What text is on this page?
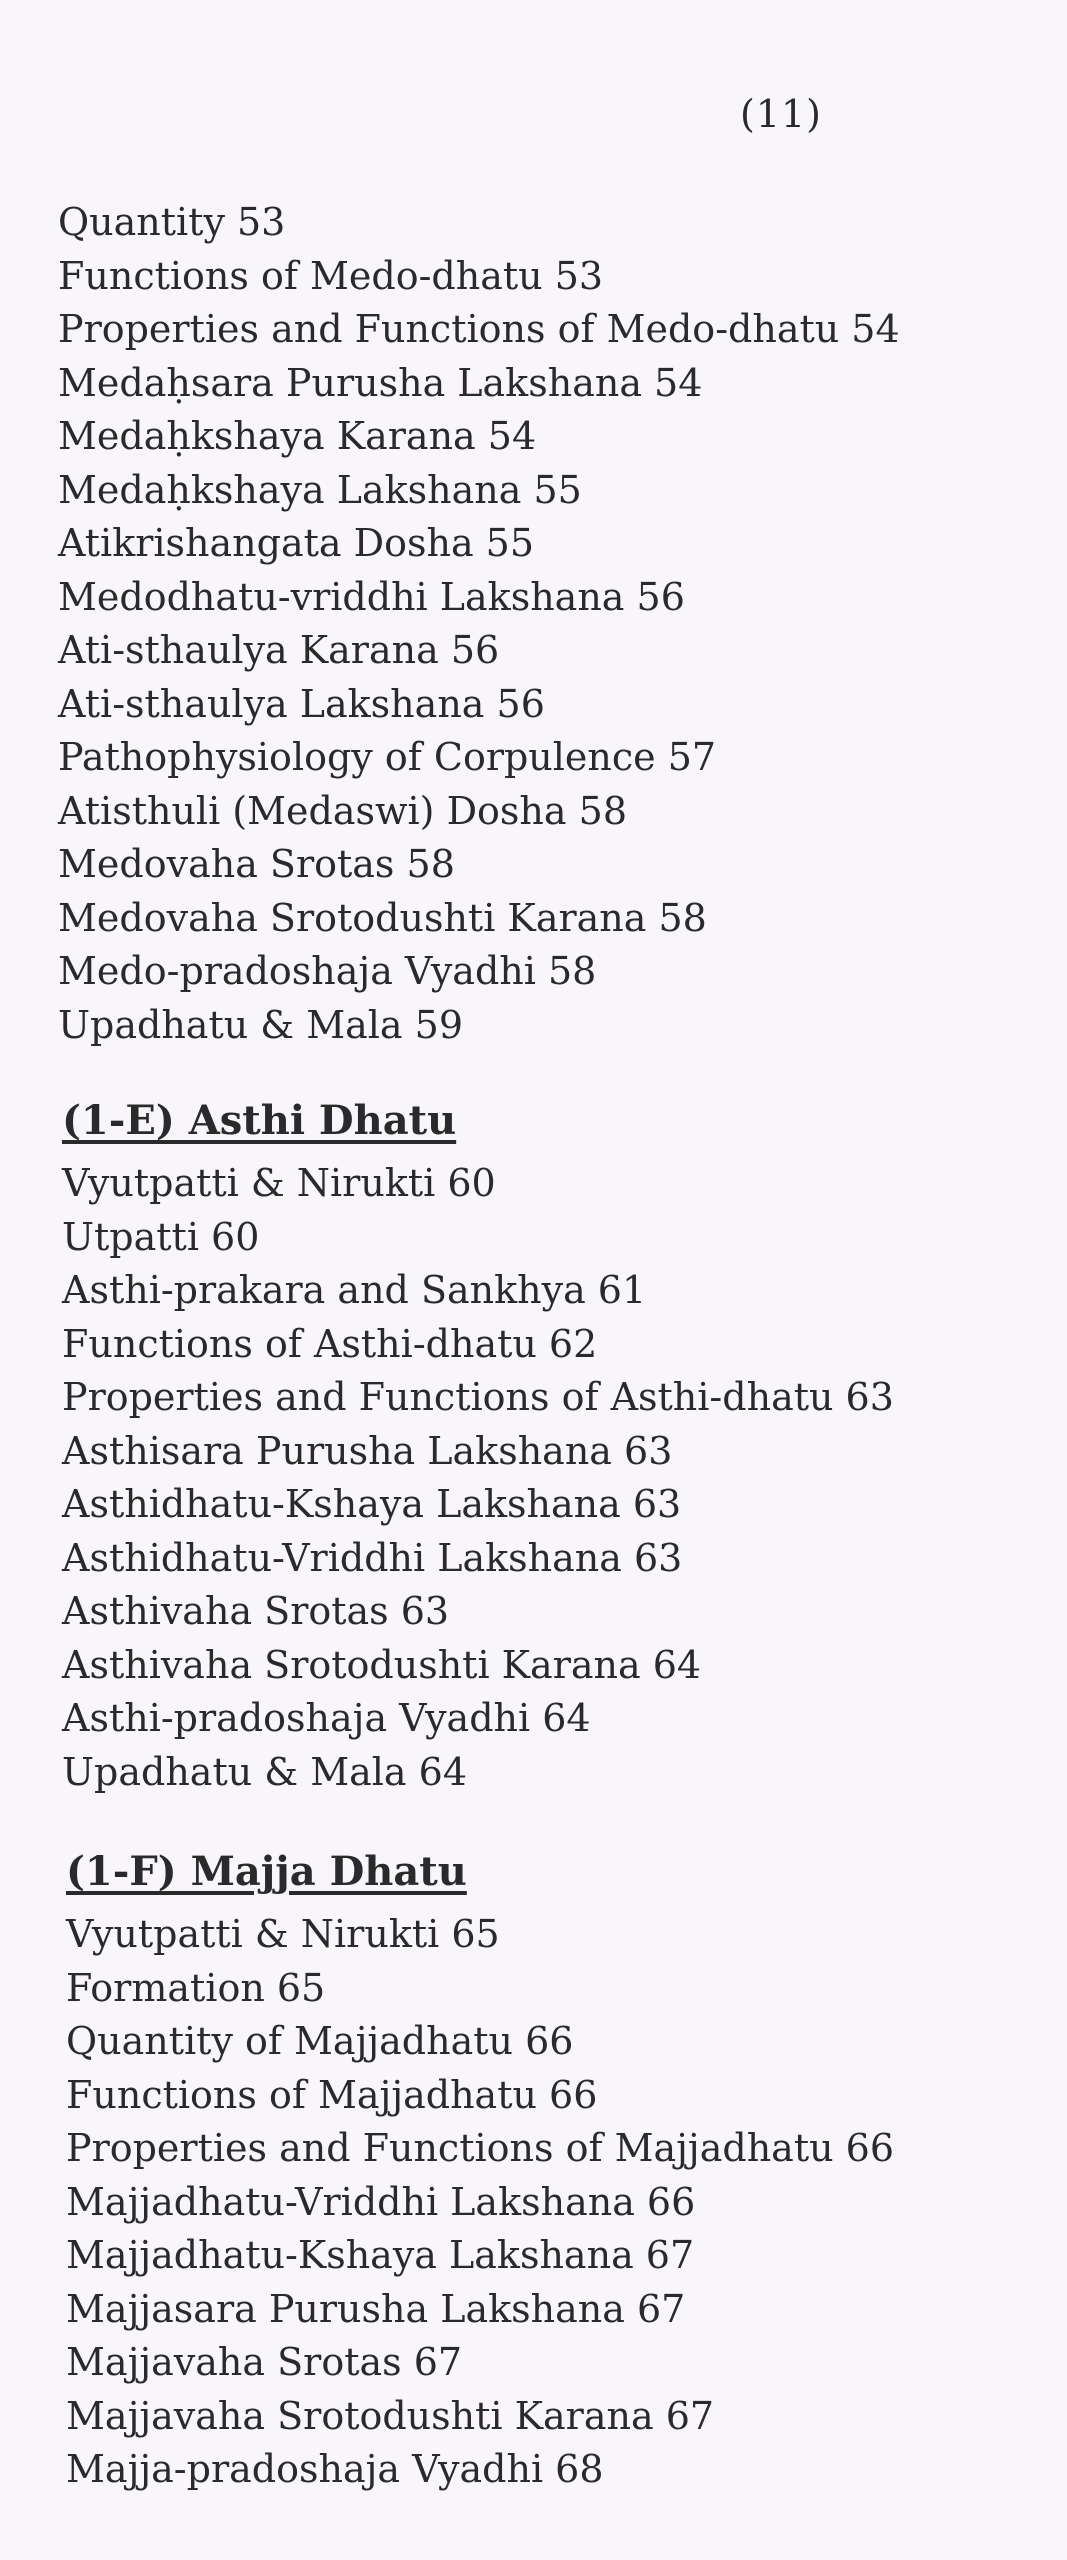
(11)
Quantity 53
Functions of Medo-dhatu 53
Properties and Functions of Medo-dhatu 54
Medaḥsara Purusha Lakshana 54
Medaḥkshaya Karana 54
Medaḥkshaya Lakshana 55
Atikrishangata Dosha 55
Medodhatu-vriddhi Lakshana 56
Ati-sthaulya Karana 56
Ati-sthaulya Lakshana 56
Pathophysiology of Corpulence 57
Atisthuli (Medaswi) Dosha 58
Medovaha Srotas 58
Medovaha Srotodushti Karana 58
Medo-pradoshaja Vyadhi 58
Upadhatu & Mala 59
(1-E) Asthi Dhatu
Vyutpatti & Nirukti 60
Utpatti 60
Asthi-prakara and Sankhya 61
Functions of Asthi-dhatu 62
Properties and Functions of Asthi-dhatu 63
Asthisara Purusha Lakshana 63
Asthidhatu-Kshaya Lakshana 63
Asthidhatu-Vriddhi Lakshana 63
Asthivaha Srotas 63
Asthivaha Srotodushti Karana 64
Asthi-pradoshaja Vyadhi 64
Upadhatu & Mala 64
(1-F) Majja Dhatu
Vyutpatti & Nirukti 65
Formation 65
Quantity of Majjadhatu 66
Functions of Majjadhatu 66
Properties and Functions of Majjadhatu 66
Majjadhatu-Vriddhi Lakshana 66
Majjadhatu-Kshaya Lakshana 67
Majjasara Purusha Lakshana 67
Majjavaha Srotas 67
Majjavaha Srotodushti Karana 67
Majja-pradoshaja Vyadhi 68
